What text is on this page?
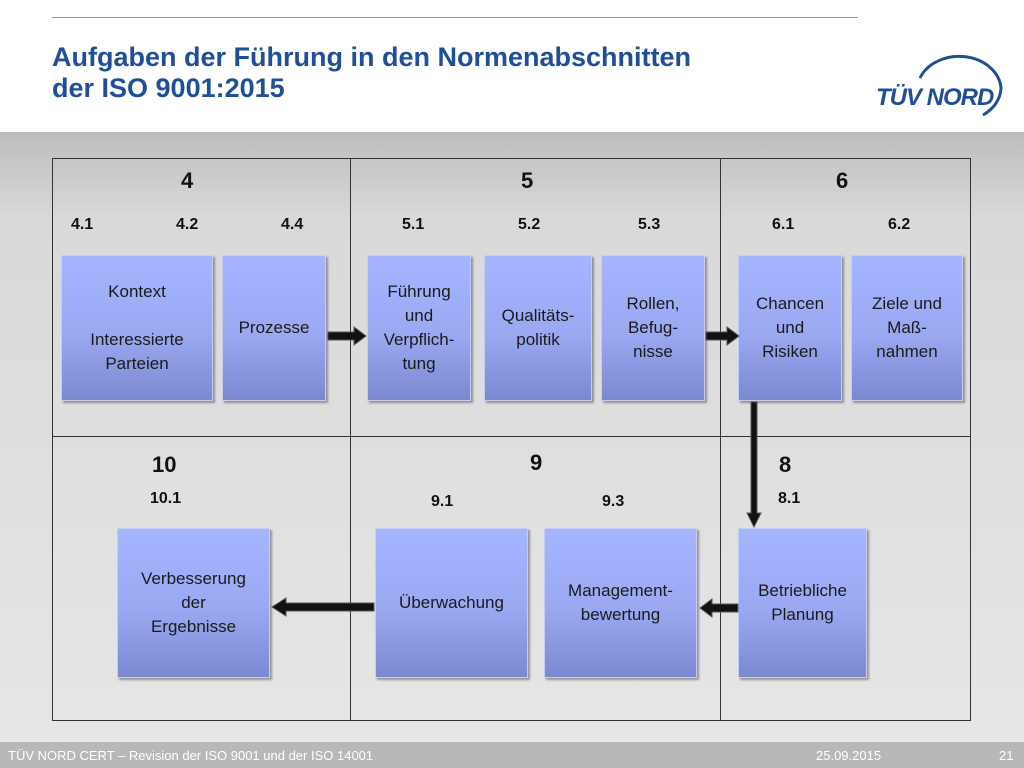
Aufgaben der Führung in den Normenabschnitten
der ISO 9001:2015	TÜV NORD
4	5	6
10	9	8
4.1	4.2	4.4	5.1	5.2	5.3	6.1	6.2
10.1	9.1	9.3	8.1
Kontext

Interessierte
Parteien
Prozesse
Führung
und
Verpflich-
tung
Qualitäts-
politik
Rollen,
Befug-
nisse
Chancen
und
Risiken
Ziele und
Maß-
nahmen
Verbesserung
der
Ergebnisse
Überwachung
Management-
bewertung
Betriebliche
Planung
TÜV NORD CERT – Revision der ISO 9001 und der ISO 14001	25.09.2015	21
